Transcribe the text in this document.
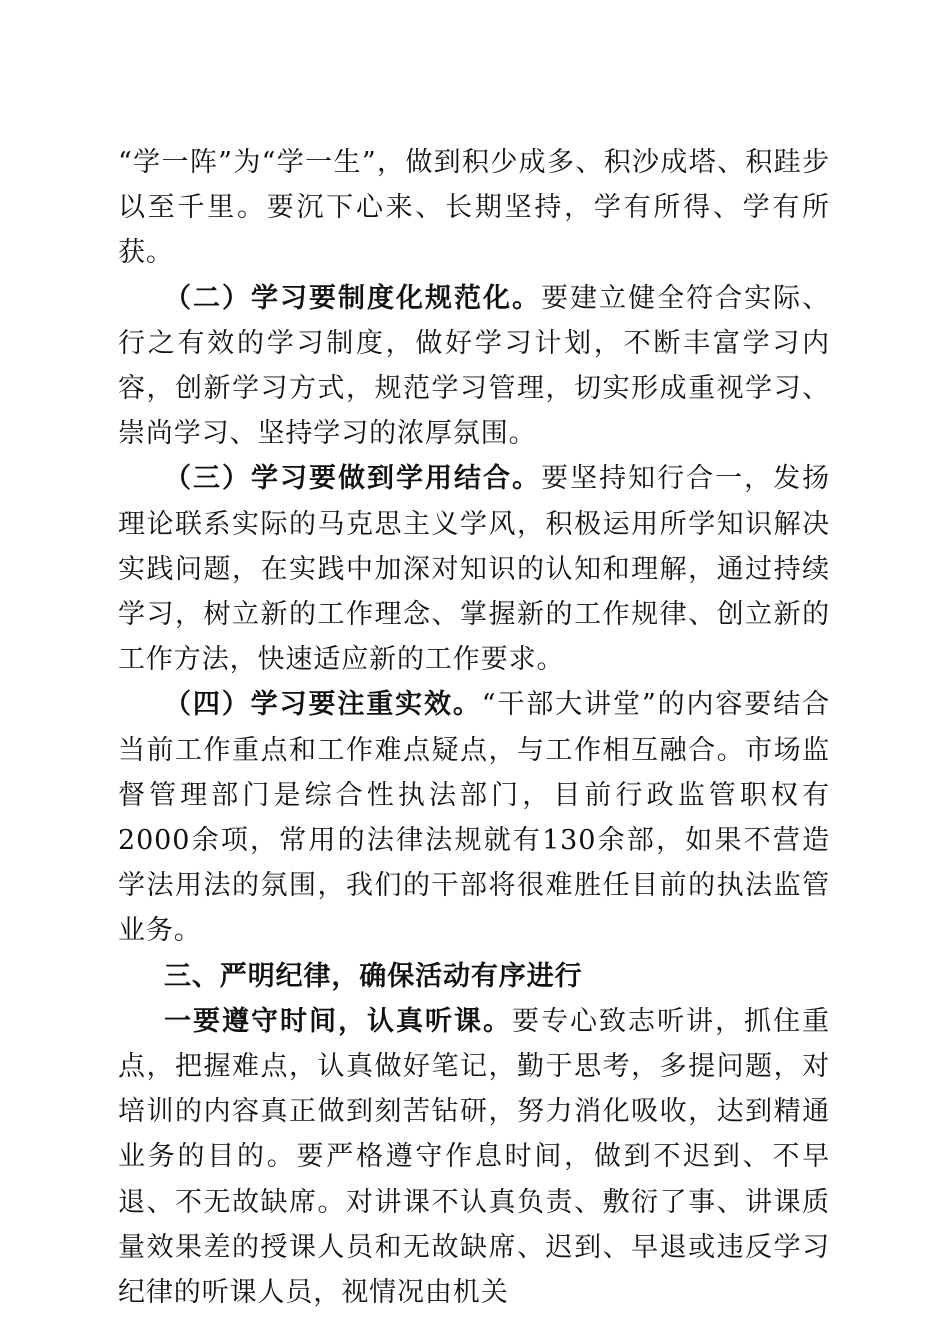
“学一阵”为“学一生”，做到积少成多、积沙成塔、积跬步以至千里。要沉下心来、长期坚持，学有所得、学有所获。

（二）学习要制度化规范化。要建立健全符合实际、行之有效的学习制度，做好学习计划，不断丰富学习内容，创新学习方式，规范学习管理，切实形成重视学习、崇尚学习、坚持学习的浓厚氛围。

（三）学习要做到学用结合。要坚持知行合一，发扬理论联系实际的马克思主义学风，积极运用所学知识解决实践问题，在实践中加深对知识的认知和理解，通过持续学习，树立新的工作理念、掌握新的工作规律、创立新的工作方法，快速适应新的工作要求。

（四）学习要注重实效。“干部大讲堂”的内容要结合当前工作重点和工作难点疑点，与工作相互融合。市场监督管理部门是综合性执法部门，目前行政监管职权有2000余项，常用的法律法规就有130余部，如果不营造学法用法的氛围，我们的干部将很难胜任目前的执法监管业务。

三、严明纪律，确保活动有序进行

一要遵守时间，认真听课。要专心致志听讲，抓住重点，把握难点，认真做好笔记，勤于思考，多提问题，对培训的内容真正做到刻苦钻研，努力消化吸收，达到精通业务的目的。要严格遵守作息时间，做到不迟到、不早退、不无故缺席。对讲课不认真负责、敷衍了事、讲课质量效果差的授课人员和无故缺席、迟到、早退或违反学习纪律的听课人员，视情况由机关
